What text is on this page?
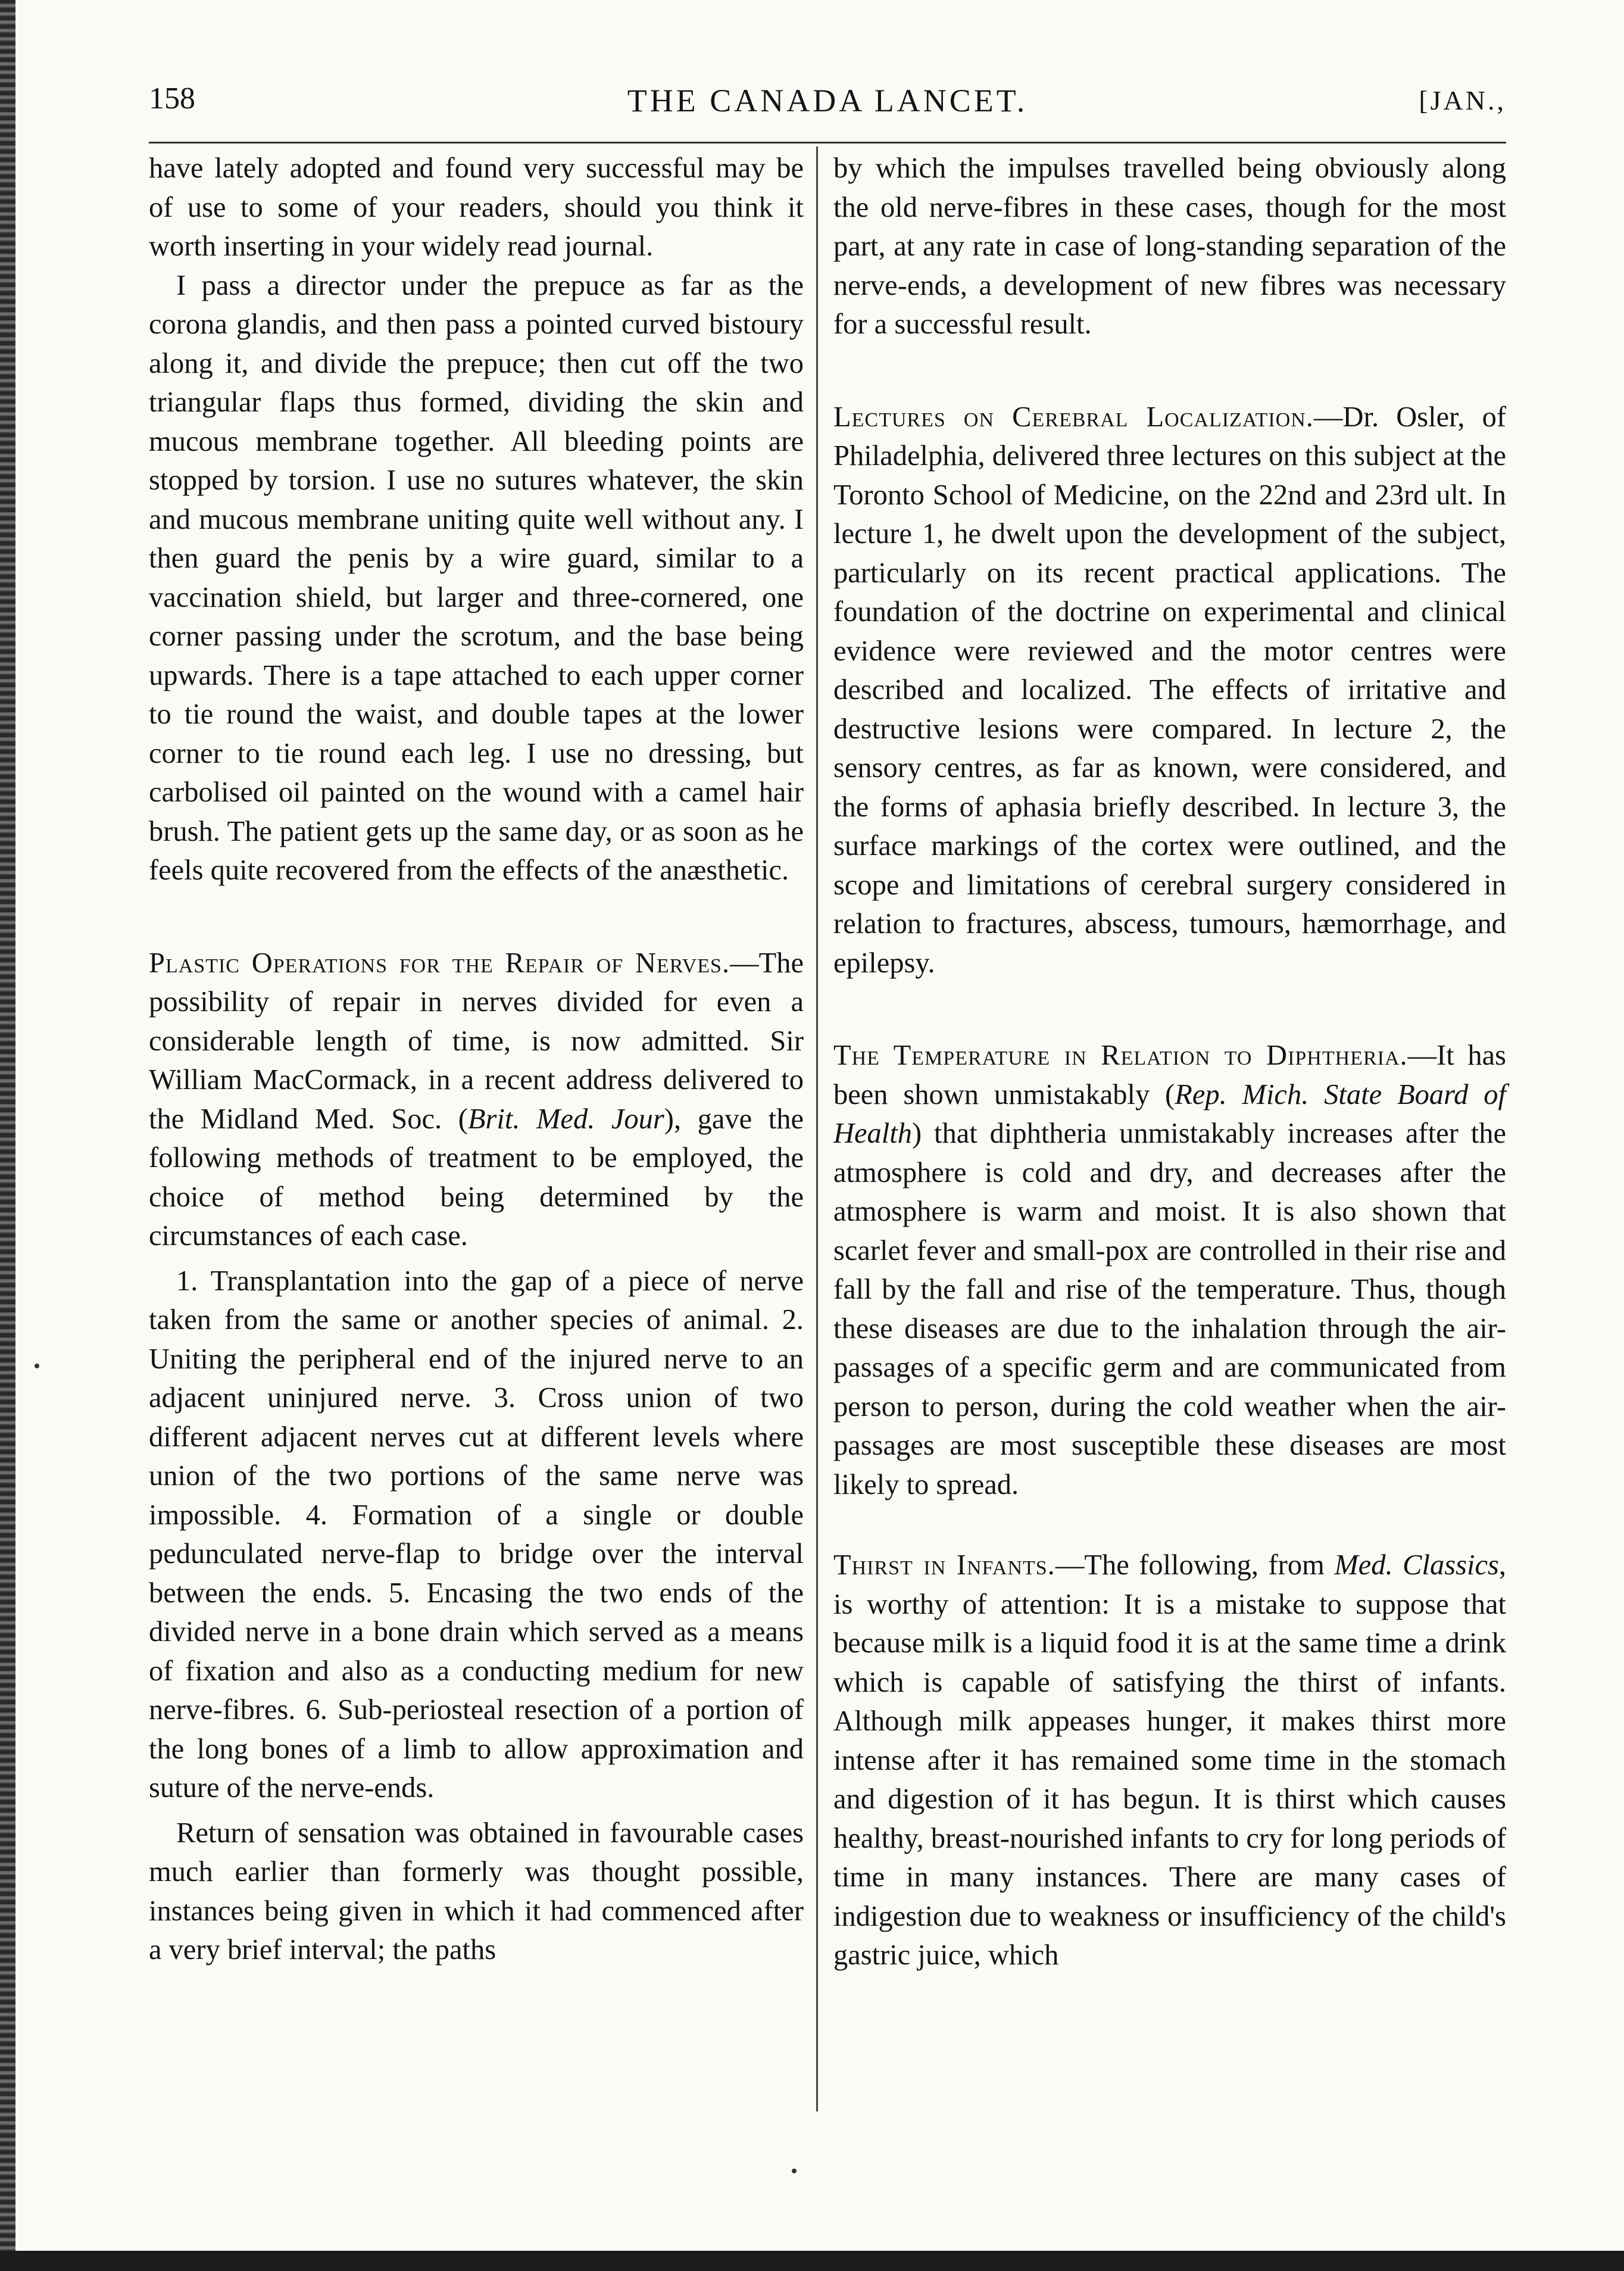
158	THE CANADA LANCET.	[JAN.,

have lately adopted and found very successful may be of use to some of your readers, should you think it worth inserting in your widely read journal.

I pass a director under the prepuce as far as the corona glandis, and then pass a pointed curved bistoury along it, and divide the prepuce; then cut off the two triangular flaps thus formed, dividing the skin and mucous membrane together. All bleeding points are stopped by torsion. I use no sutures whatever, the skin and mucous membrane uniting quite well without any. I then guard the penis by a wire guard, similar to a vaccination shield, but larger and three-cornered, one corner passing under the scrotum, and the base being upwards. There is a tape attached to each upper corner to tie round the waist, and double tapes at the lower corner to tie round each leg. I use no dressing, but carbolised oil painted on the wound with a camel hair brush. The patient gets up the same day, or as soon as he feels quite recovered from the effects of the anæsthetic.

Plastic Operations for the Repair of Nerves.—The possibility of repair in nerves divided for even a considerable length of time, is now admitted. Sir William MacCormack, in a recent address delivered to the Midland Med. Soc. (Brit. Med. Jour), gave the following methods of treatment to be employed, the choice of method being determined by the circumstances of each case.

1. Transplantation into the gap of a piece of nerve taken from the same or another species of animal. 2. Uniting the peripheral end of the injured nerve to an adjacent uninjured nerve. 3. Cross union of two different adjacent nerves cut at different levels where union of the two portions of the same nerve was impossible. 4. Formation of a single or double pedunculated nerve-flap to bridge over the interval between the ends. 5. Encasing the two ends of the divided nerve in a bone drain which served as a means of fixation and also as a conducting medium for new nerve-fibres. 6. Sub-periosteal resection of a portion of the long bones of a limb to allow approximation and suture of the nerve-ends.

Return of sensation was obtained in favourable cases much earlier than formerly was thought possible, instances being given in which it had commenced after a very brief interval; the paths

by which the impulses travelled being obviously along the old nerve-fibres in these cases, though for the most part, at any rate in case of long-standing separation of the nerve-ends, a development of new fibres was necessary for a successful result.

Lectures on Cerebral Localization.—Dr. Osler, of Philadelphia, delivered three lectures on this subject at the Toronto School of Medicine, on the 22nd and 23rd ult. In lecture 1, he dwelt upon the development of the subject, particularly on its recent practical applications. The foundation of the doctrine on experimental and clinical evidence were reviewed and the motor centres were described and localized. The effects of irritative and destructive lesions were compared. In lecture 2, the sensory centres, as far as known, were considered, and the forms of aphasia briefly described. In lecture 3, the surface markings of the cortex were outlined, and the scope and limitations of cerebral surgery considered in relation to fractures, abscess, tumours, hæmorrhage, and epilepsy.

The Temperature in Relation to Diphtheria.—It has been shown unmistakably (Rep. Mich. State Board of Health) that diphtheria unmistakably increases after the atmosphere is cold and dry, and decreases after the atmosphere is warm and moist. It is also shown that scarlet fever and small-pox are controlled in their rise and fall by the fall and rise of the temperature. Thus, though these diseases are due to the inhalation through the air-passages of a specific germ and are communicated from person to person, during the cold weather when the air-passages are most susceptible these diseases are most likely to spread.

Thirst in Infants.—The following, from Med. Classics, is worthy of attention: It is a mistake to suppose that because milk is a liquid food it is at the same time a drink which is capable of satisfying the thirst of infants. Although milk appeases hunger, it makes thirst more intense after it has remained some time in the stomach and digestion of it has begun. It is thirst which causes healthy, breast-nourished infants to cry for long periods of time in many instances. There are many cases of indigestion due to weakness or insufficiency of the child's gastric juice, which
